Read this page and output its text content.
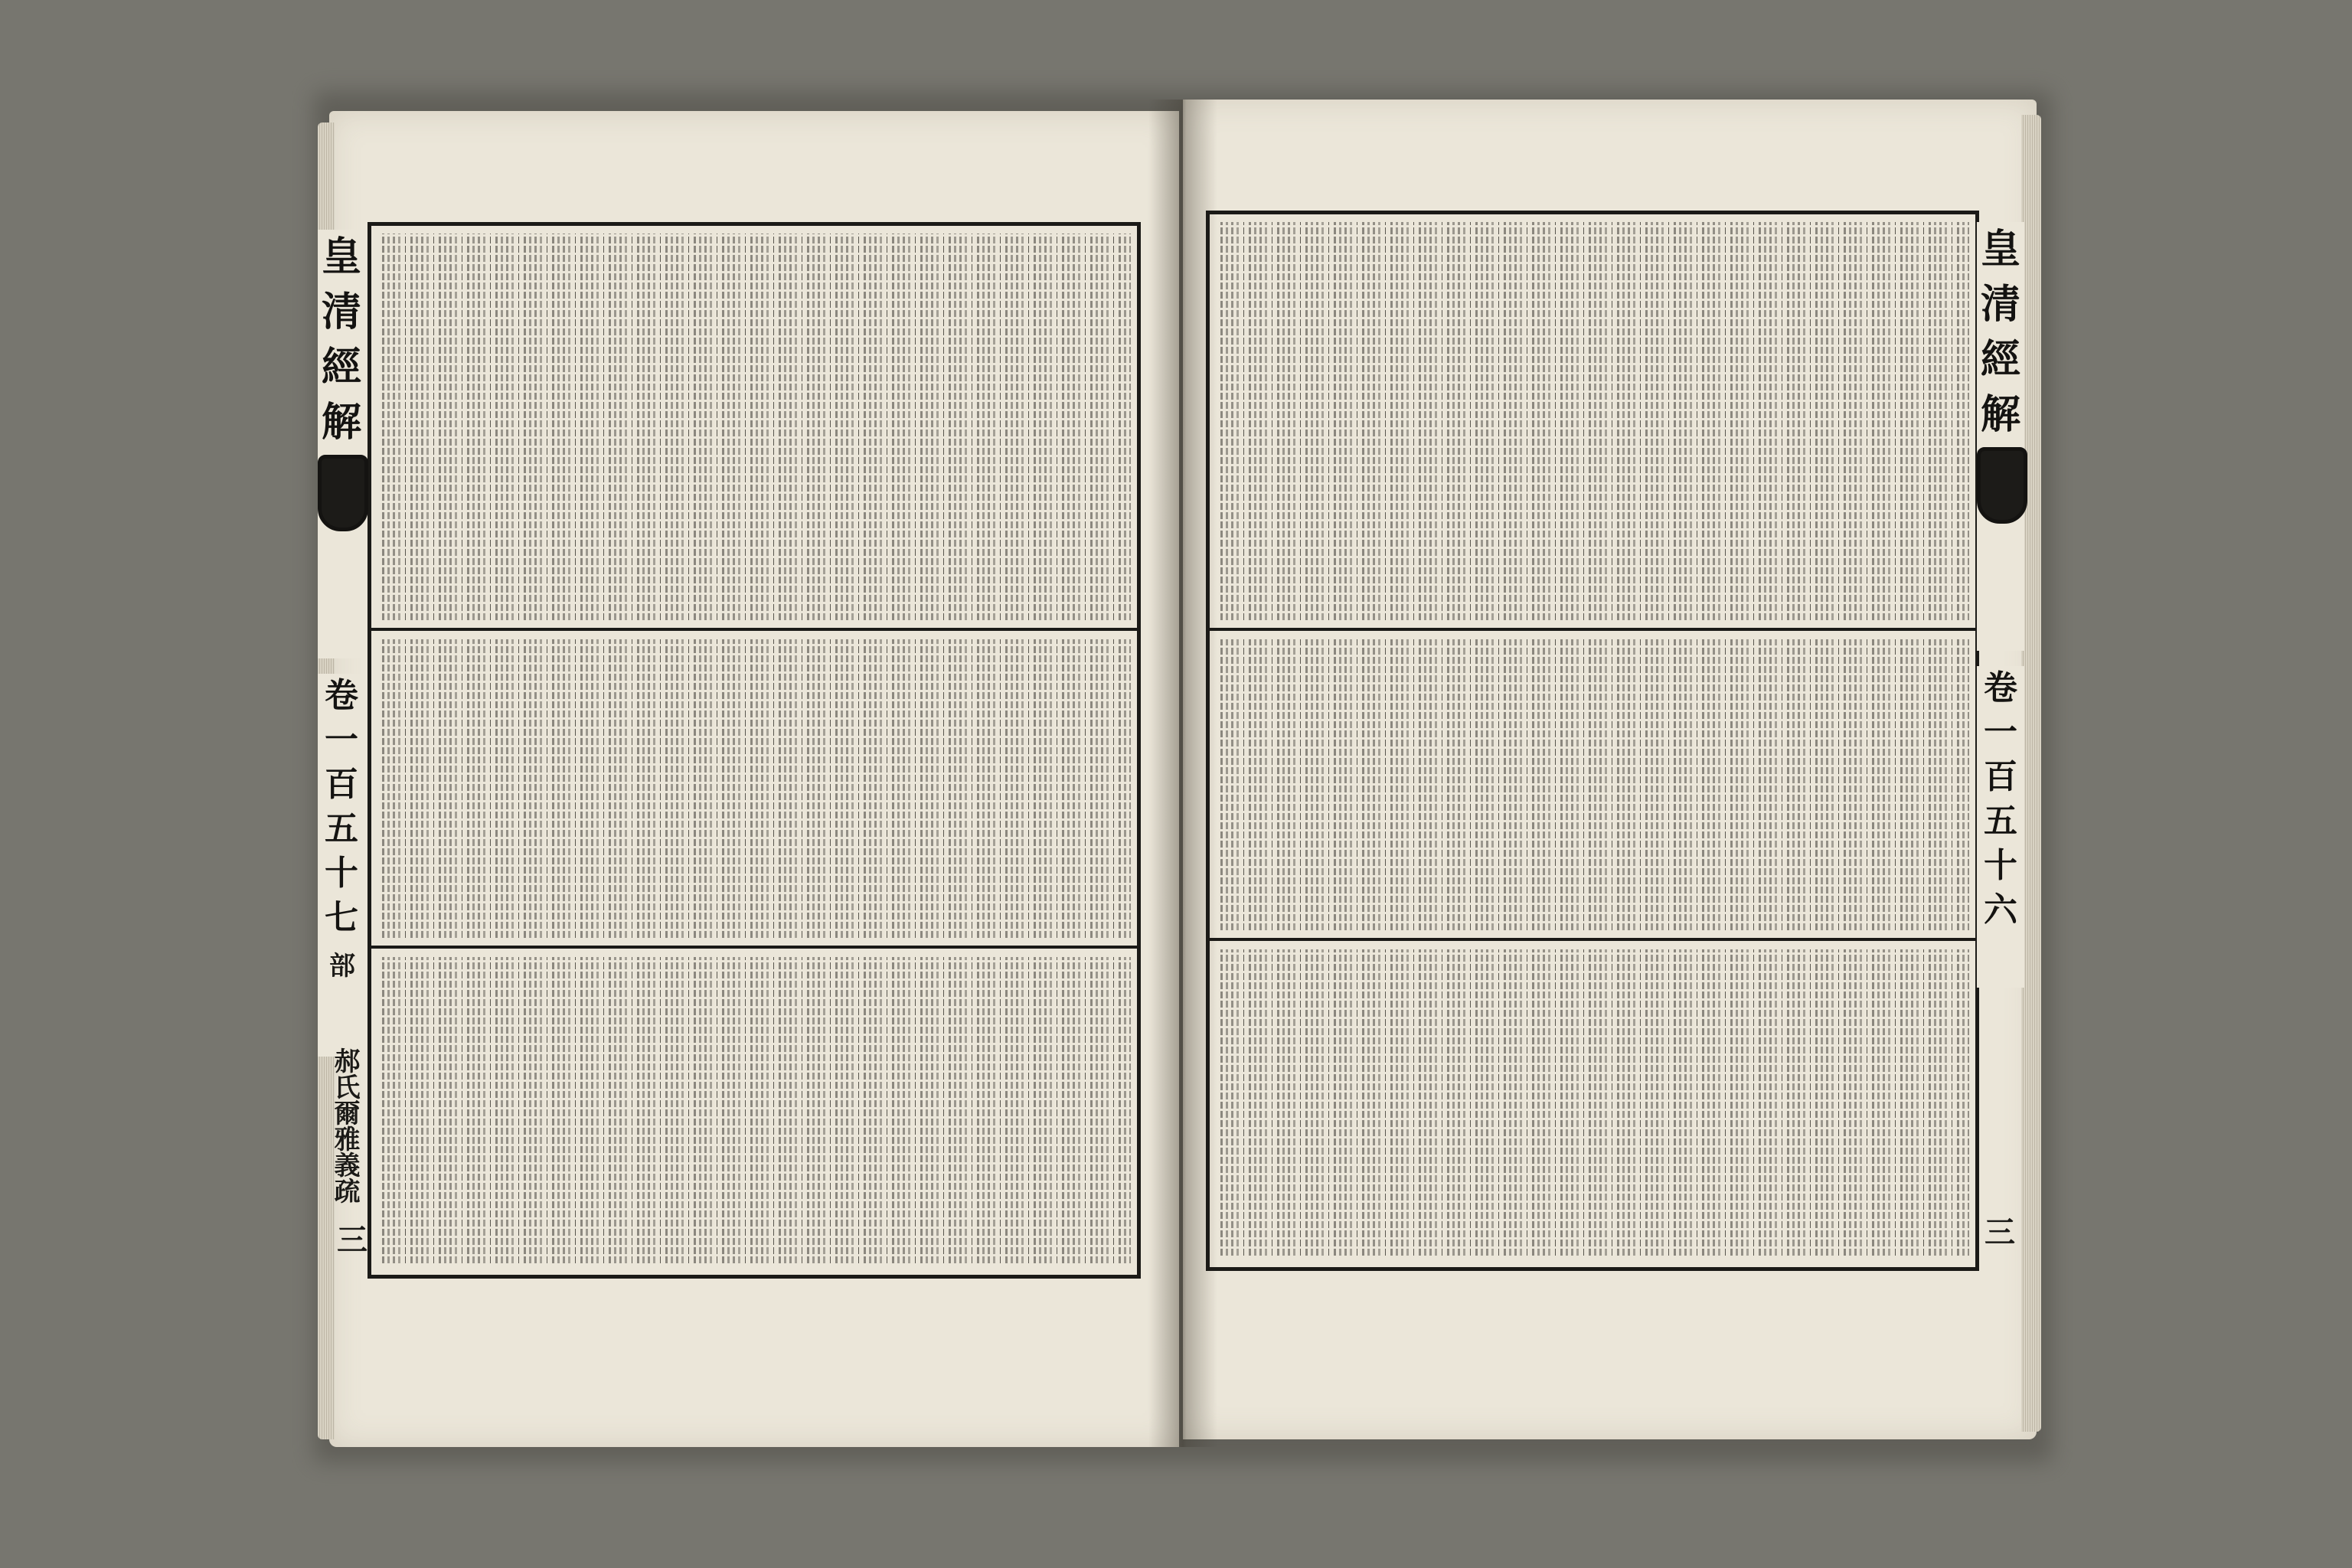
皇
清
經
解
卷
一
百
五
十
七
部
郝氏爾雅義疏
三
皇
清
經
解
卷
一
百
五
十
六
三
